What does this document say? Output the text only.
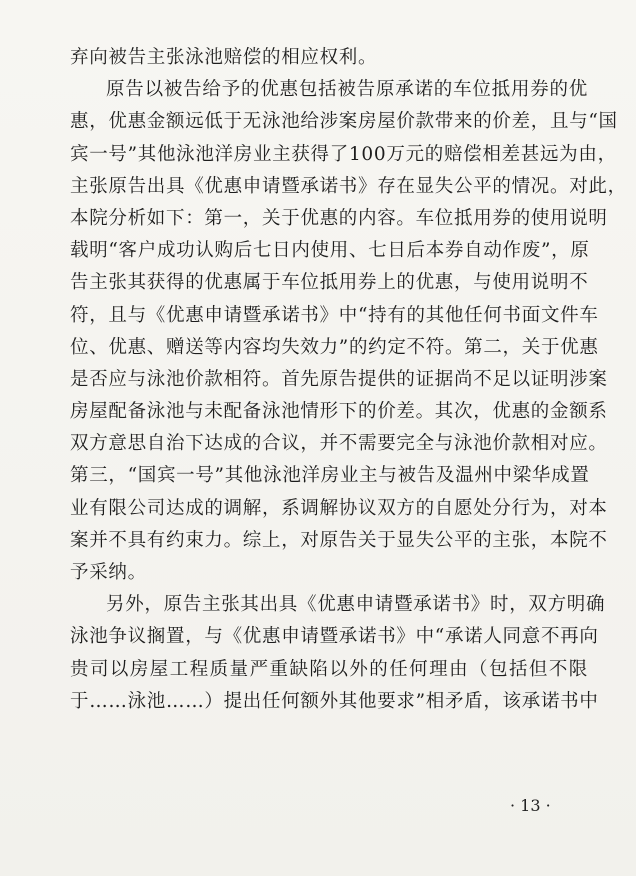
弃向被告主张泳池赔偿的相应权利。
原告以被告给予的优惠包括被告原承诺的车位抵用券的优
惠，优惠金额远低于无泳池给涉案房屋价款带来的价差，且与“国
宾一号”其他泳池洋房业主获得了100万元的赔偿相差甚远为由，
主张原告出具《优惠申请暨承诺书》存在显失公平的情况。对此，
本院分析如下：第一，关于优惠的内容。车位抵用券的使用说明
载明“客户成功认购后七日内使用、七日后本券自动作废”，原
告主张其获得的优惠属于车位抵用券上的优惠，与使用说明不
符，且与《优惠申请暨承诺书》中“持有的其他任何书面文件车
位、优惠、赠送等内容均失效力”的约定不符。第二，关于优惠
是否应与泳池价款相符。首先原告提供的证据尚不足以证明涉案
房屋配备泳池与未配备泳池情形下的价差。其次，优惠的金额系
双方意思自治下达成的合议，并不需要完全与泳池价款相对应。
第三，“国宾一号”其他泳池洋房业主与被告及温州中梁华成置
业有限公司达成的调解，系调解协议双方的自愿处分行为，对本
案并不具有约束力。综上，对原告关于显失公平的主张，本院不
予采纳。
另外，原告主张其出具《优惠申请暨承诺书》时，双方明确
泳池争议搁置，与《优惠申请暨承诺书》中“承诺人同意不再向
贵司以房屋工程质量严重缺陷以外的任何理由（包括但不限
于……泳池……）提出任何额外其他要求”相矛盾，该承诺书中
· 13 ·
